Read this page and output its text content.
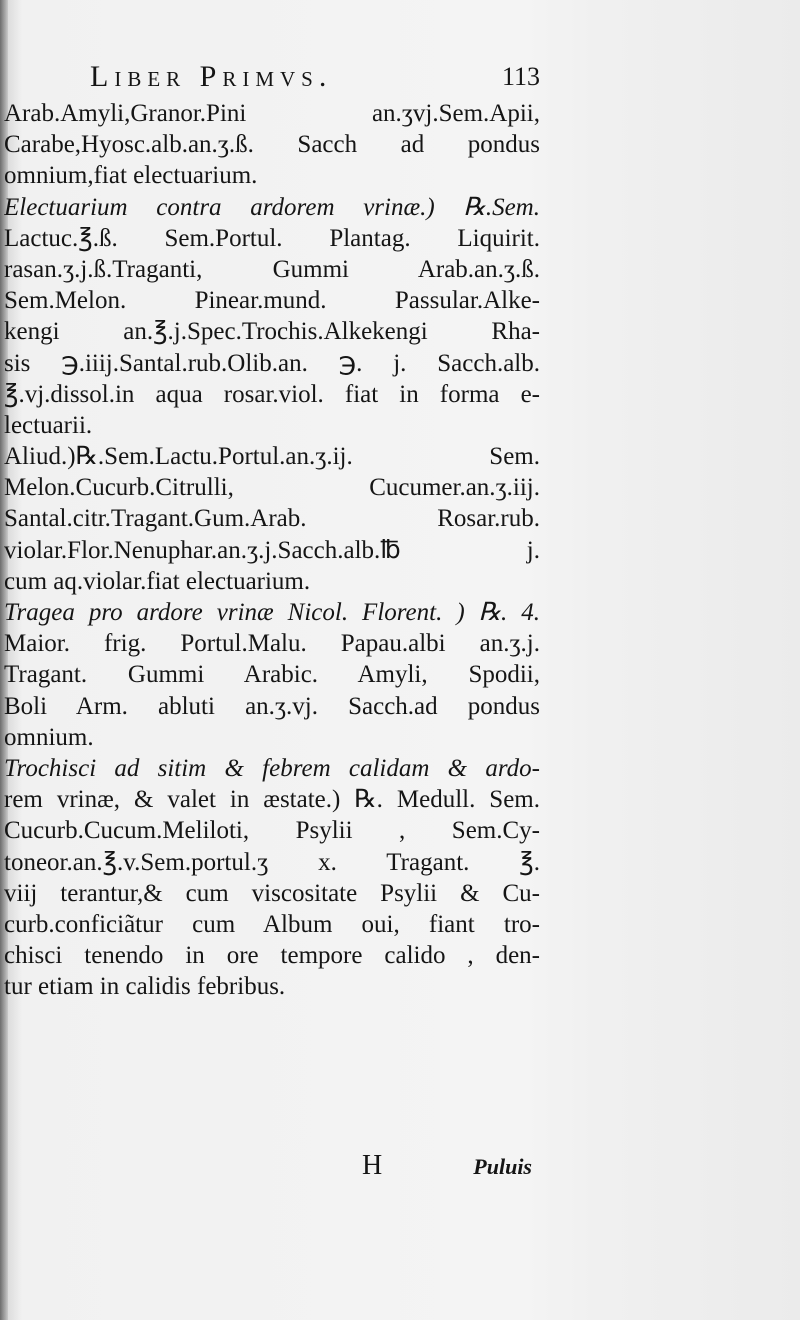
Liber Primvs.	113
Arab.Amyli,Granor.Pini an.ʒvj.Sem.Apii,
Carabe,Hyosc.alb.an.ʒ.ß. Sacch ad pondus
omnium,fiat electuarium.
Electuarium contra ardorem vrinæ.) ℞.Sem.
Lactuc.℥.ß. Sem.Portul. Plantag. Liquirit.
rasan.ʒ.j.ß.Traganti, Gummi Arab.an.ʒ.ß.
Sem.Melon. Pinear.mund. Passular.Alke-
kengi an.℥.j.Spec.Trochis.Alkekengi Rha-
sis ℈.iiij.Santal.rub.Olib.an. ℈. j. Sacch.alb.
℥.vj.dissol.in aqua rosar.viol. fiat in forma e-
lectuarii.
Aliud.)℞.Sem.Lactu.Portul.an.ʒ.ij. Sem.
Melon.Cucurb.Citrulli, Cucumer.an.ʒ.iij.
Santal.citr.Tragant.Gum.Arab. Rosar.rub.
violar.Flor.Nenuphar.an.ʒ.j.Sacch.alb.℔ j.
cum aq.violar.fiat electuarium.
Tragea pro ardore vrinæ Nicol. Florent. ) ℞. 4.
Maior. frig. Portul.Malu. Papau.albi an.ʒ.j.
Tragant. Gummi Arabic. Amyli, Spodii,
Boli Arm. abluti an.ʒ.vj. Sacch.ad pondus
omnium.
Trochisci ad sitim & febrem calidam & ardo-
rem vrinæ, & valet in æstate.) ℞. Medull. Sem.
Cucurb.Cucum.Meliloti, Psylii , Sem.Cy-
toneor.an.℥.v.Sem.portul.ʒ x. Tragant. ℥.
viij terantur,& cum viscositate Psylii & Cu-
curb.conficiãtur cum Album oui, fiant tro-
chisci tenendo in ore tempore calido , den-
tur etiam in calidis febribus.
H	Puluis
